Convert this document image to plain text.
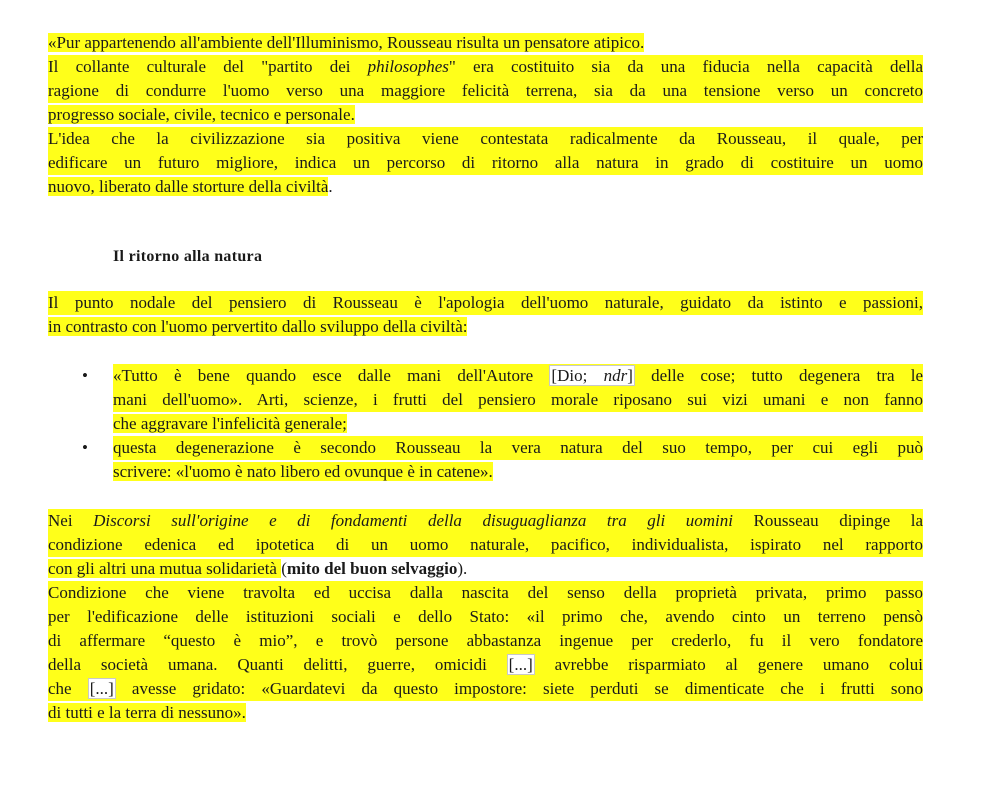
«Pur appartenendo all'ambiente dell'Illuminismo, Rousseau risulta un pensatore atipico.
Il collante culturale del "partito dei philosophes" era costituito sia da una fiducia nella capacità della
ragione di condurre l'uomo verso una maggiore felicità terrena, sia da una tensione verso un concreto
progresso sociale, civile, tecnico e personale.
L'idea che la civilizzazione sia positiva viene contestata radicalmente da Rousseau, il quale, per
edificare un futuro migliore, indica un percorso di ritorno alla natura in grado di costituire un uomo
nuovo, liberato dalle storture della civiltà.
Il ritorno alla natura
Il punto nodale del pensiero di Rousseau è l'apologia dell'uomo naturale, guidato da istinto e passioni,
in contrasto con l'uomo pervertito dallo sviluppo della civiltà:
• «Tutto è bene quando esce dalle mani dell'Autore [Dio; ndr] delle cose; tutto degenera tra le
mani dell'uomo». Arti, scienze, i frutti del pensiero morale riposano sui vizi umani e non fanno
che aggravare l'infelicità generale;
• questa degenerazione è secondo Rousseau la vera natura del suo tempo, per cui egli può
scrivere: «l'uomo è nato libero ed ovunque è in catene».
Nei Discorsi sull'origine e di fondamenti della disuguaglianza tra gli uomini Rousseau dipinge la
condizione edenica ed ipotetica di un uomo naturale, pacifico, individualista, ispirato nel rapporto
con gli altri una mutua solidarietà (mito del buon selvaggio).
Condizione che viene travolta ed uccisa dalla nascita del senso della proprietà privata, primo passo
per l'edificazione delle istituzioni sociali e dello Stato: «il primo che, avendo cinto un terreno pensò
di affermare “questo è mio”, e trovò persone abbastanza ingenue per crederlo, fu il vero fondatore
della società umana. Quanti delitti, guerre, omicidi [...] avrebbe risparmiato al genere umano colui
che [...] avesse gridato: «Guardatevi da questo impostore: siete perduti se dimenticate che i frutti sono
di tutti e la terra di nessuno».
